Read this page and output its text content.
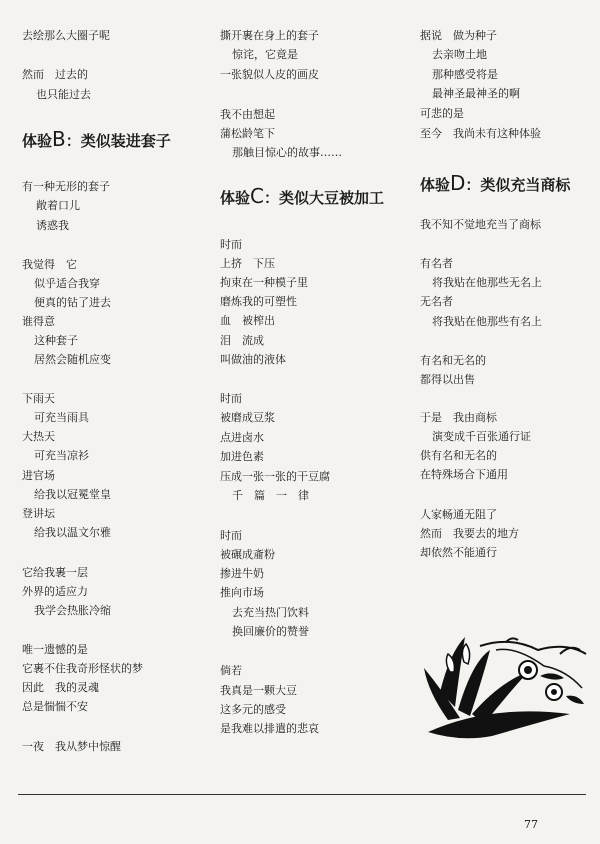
去绘那么大圈子呢
然而　过去的
也只能过去
体验B：类似装进套子
有一种无形的套子
敞着口儿
诱惑我
我觉得　它
似乎适合我穿
便真的钻了进去
谁得意
这种套子
居然会随机应变
下雨天
可充当雨具
大热天
可充当凉衫
进官场
给我以冠冕堂皇
登讲坛
给我以温文尔雅
它给我裹一层
外界的适应力
我学会热胀冷缩
唯一遗憾的是
它裹不住我奇形怪状的梦
因此　我的灵魂
总是惴惴不安
一夜　我从梦中惊醒
撕开裹在身上的套子
惊诧，它竟是
一张貌似人皮的画皮
我不由想起
蒲松龄笔下
那触目惊心的故事……
体验C：类似大豆被加工
时而
上挤　下压
拘束在一种模子里
磨炼我的可塑性
血　被榨出
泪　流成
叫做油的液体
时而
被磨成豆浆
点进卤水
加进色素
压成一张一张的干豆腐
千　篇　一　律
时而
被碾成齑粉
掺进牛奶
推向市场
去充当热门饮料
换回廉价的赞誉
倘若
我真是一颗大豆
这多元的感受
是我难以排遣的悲哀
据说　做为种子
去亲吻土地
那种感受将是
最神圣最神圣的啊
可悲的是
至今　我尚未有这种体验
体验D：类似充当商标
我不知不觉地充当了商标
有名者
将我贴在他那些无名上
无名者
将我贴在他那些有名上
有名和无名的
都得以出售
于是　我由商标
演变成千百张通行证
供有名和无名的
在特殊场合下通用
人家畅通无阻了
然而　我要去的地方
却依然不能通行
77
